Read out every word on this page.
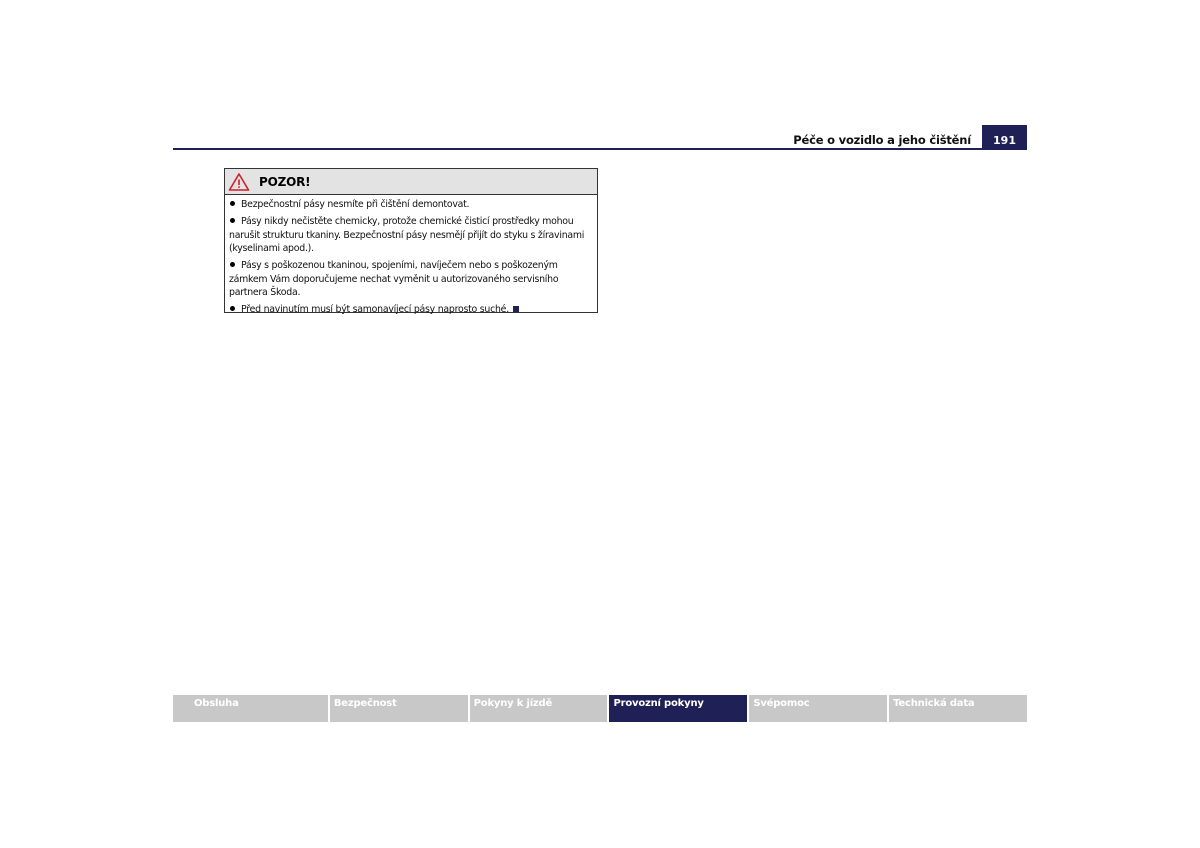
Péče o vozidlo a jeho čištění	191
POZOR!
Bezpečnostní pásy nesmíte při čištění demontovat.
Pásy nikdy nečistěte chemicky, protože chemické čisticí prostředky mohou narušit strukturu tkaniny. Bezpečnostní pásy nesmějí přijít do styku s žíravinami (kyselinami apod.).
Pásy s poškozenou tkaninou, spojeními, navíječem nebo s poškozeným zámkem Vám doporučujeme nechat vyměnit u autorizovaného servisního partnera Škoda.
Před navinutím musí být samonavíjecí pásy naprosto suché.
Obsluha	Bezpečnost	Pokyny k jízdě	Provozní pokyny	Svépomoc	Technická data
